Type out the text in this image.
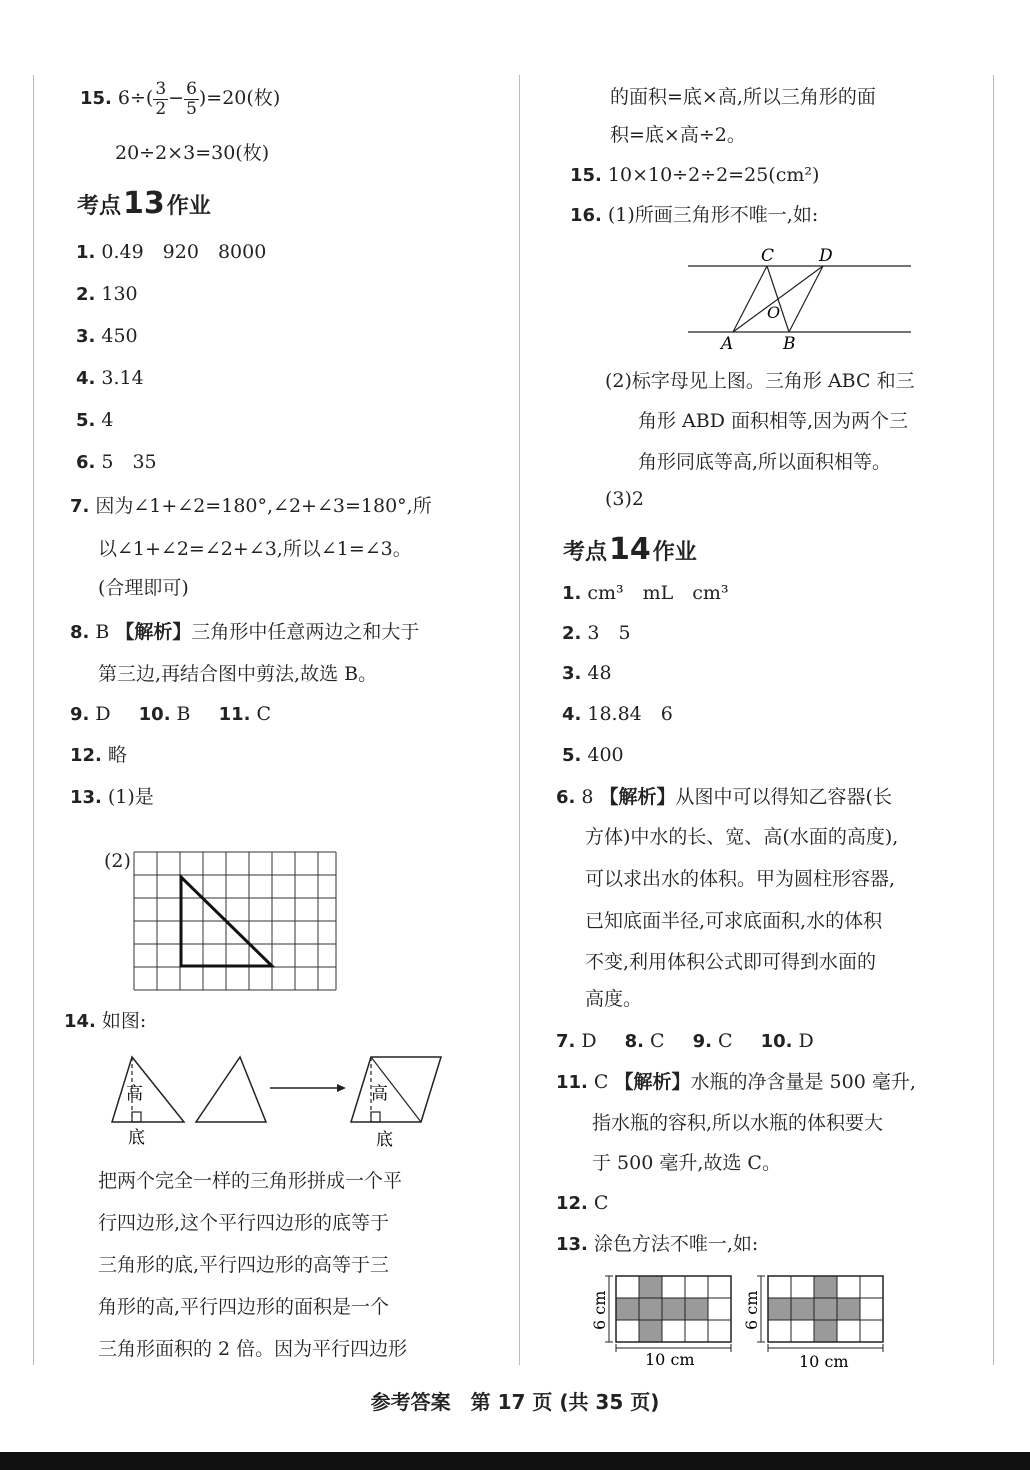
15. $6\div( \frac{3}{2} - \frac{6}{5} )=20$(枚)
20÷2×3=30(枚)
考点13作业
1. 0.49　920　8000
2. 130
3. 450
4. 3.14
5. 4
6. 5　35
7. 因为∠1+∠2=180°,∠2+∠3=180°,所
以∠1+∠2=∠2+∠3,所以∠1=∠3。
(合理即可)
8. B 【解析】三角形中任意两边之和大于
第三边,再结合图中剪法,故选 B。
9. D 10. B 11. C
12. 略
13. (1)是
(2)
14. 如图:
高
底
高
底
把两个完全一样的三角形拼成一个平
行四边形,这个平行四边形的底等于
三角形的底,平行四边形的高等于三
角形的高,平行四边形的面积是一个
三角形面积的 2 倍。因为平行四边形
的面积=底×高,所以三角形的面
积=底×高÷2。
15. 10×10÷2÷2=25(cm²)
16. (1)所画三角形不唯一,如:
C	D
O
A	B
(2)标字母见上图。三角形 ABC 和三
角形 ABD 面积相等,因为两个三
角形同底等高,所以面积相等。
(3)2
考点14作业
1. cm³　mL　cm³
2. 3　5
3. 48
4. 18.84　6
5. 400
6. 8 【解析】从图中可以得知乙容器(长
方体)中水的长、宽、高(水面的高度),
可以求出水的体积。甲为圆柱形容器,
已知底面半径,可求底面积,水的体积
不变,利用体积公式即可得到水面的
高度。
7. D 8. C 9. C 10. D
11. C 【解析】水瓶的净含量是 500 毫升,
指水瓶的容积,所以水瓶的体积要大
于 500 毫升,故选 C。
12. C
13. 涂色方法不唯一,如:
6 cm
10 cm
6 cm
10 cm
参考答案　 第 17 页 (共 35 页)
